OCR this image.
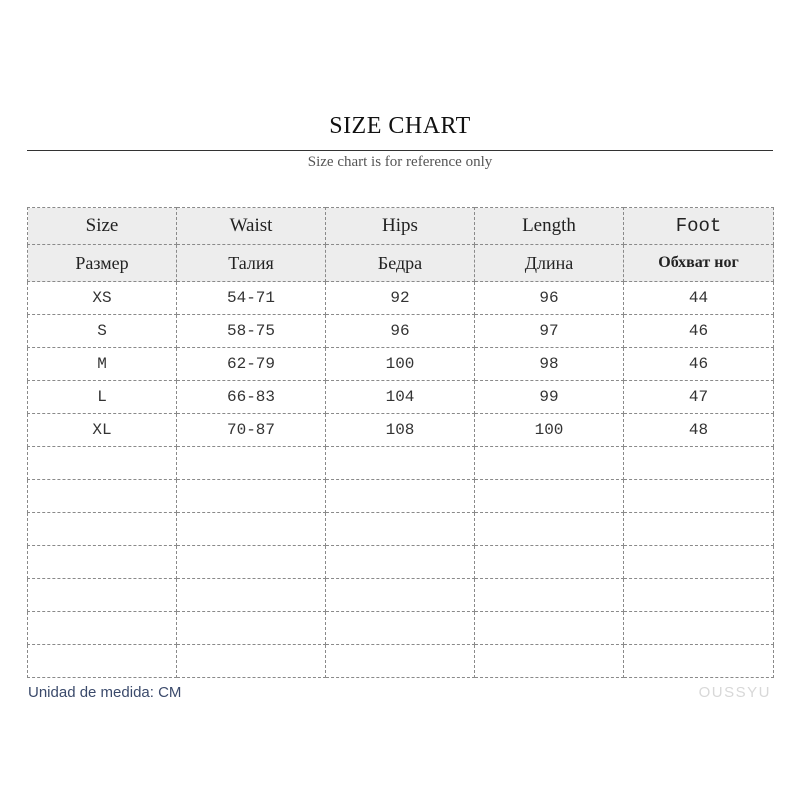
SIZE CHART
Size chart is for reference only
Size	Waist	Hips	Length	Foot
Размер	Талия	Бедра	Длина	Обхват ног
XS	54-71	92	96	44
S	58-75	96	97	46
M	62-79	100	98	46
L	66-83	104	99	47
XL	70-87	108	100	48

Unidad de medida: CM	OUSSYU
